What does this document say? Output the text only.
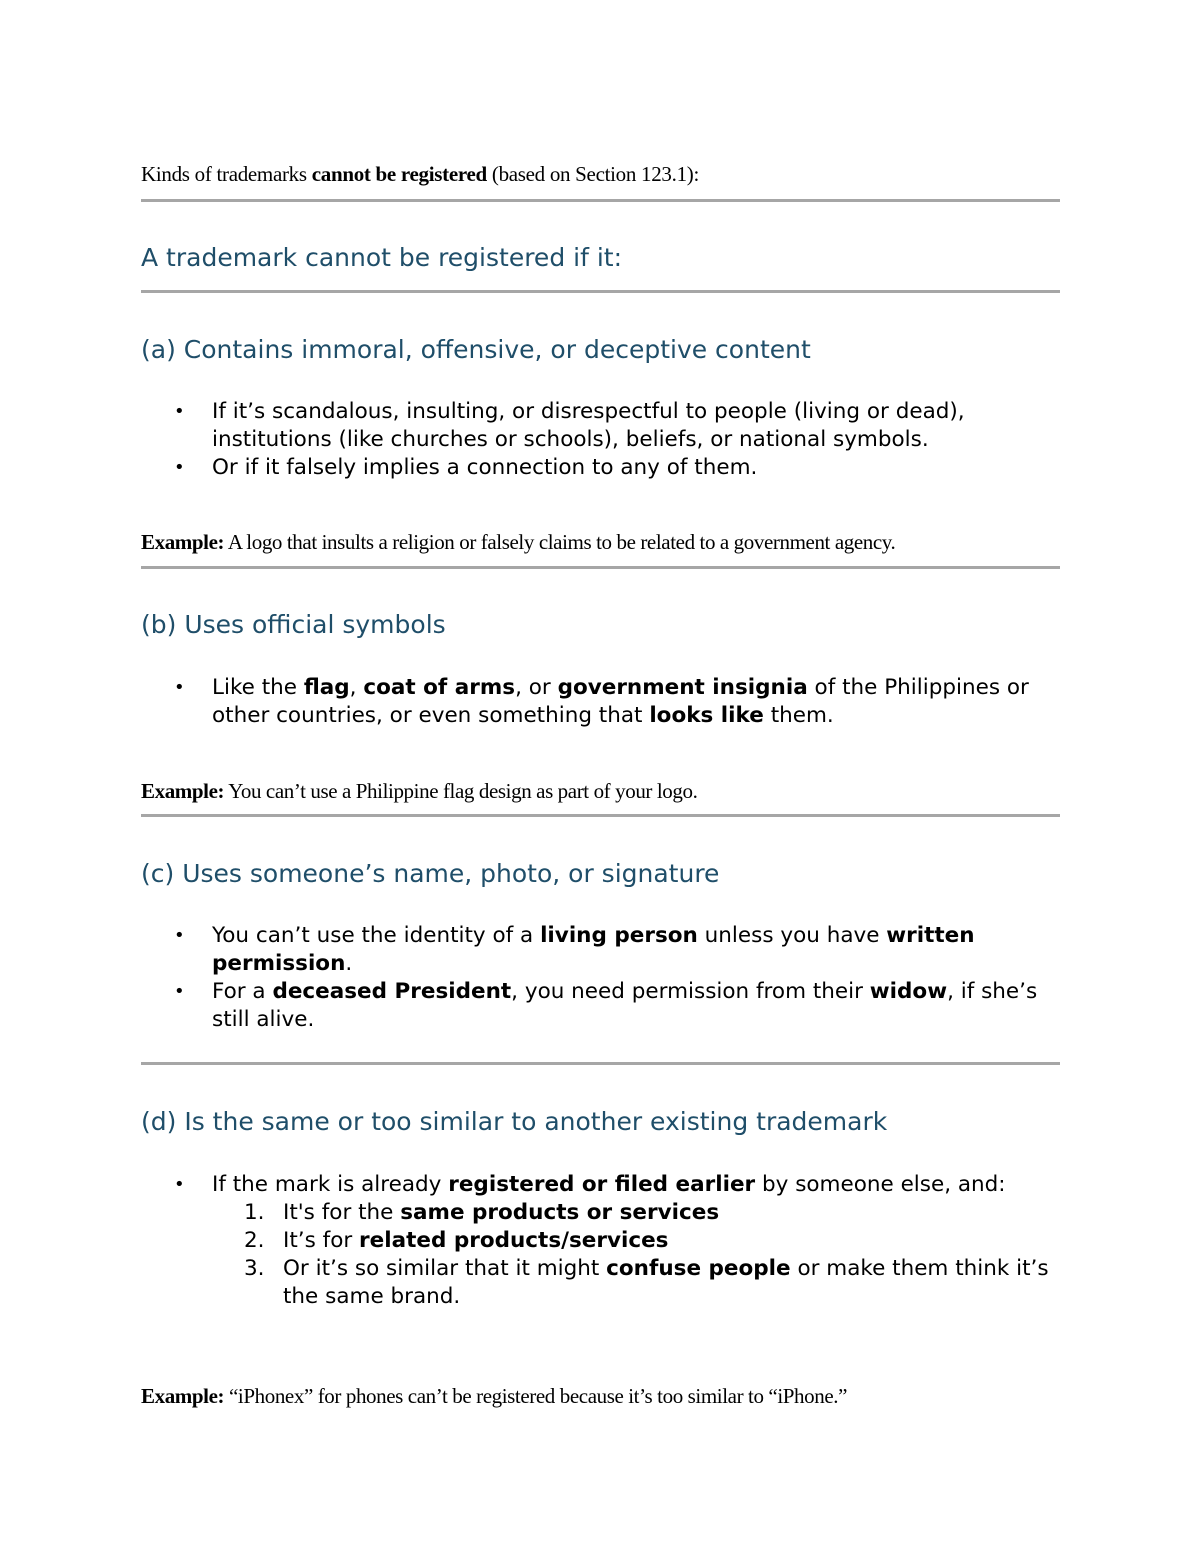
Kinds of trademarks cannot be registered (based on Section 123.1):

A trademark cannot be registered if it:
(a) Contains immoral, offensive, or deceptive content
• If it’s scandalous, insulting, or disrespectful to people (living or dead), institutions (like churches or schools), beliefs, or national symbols.
• Or if it falsely implies a connection to any of them.

Example: A logo that insults a religion or falsely claims to be related to a government agency.

(b) Uses official symbols
• Like the flag, coat of arms, or government insignia of the Philippines or other countries, or even something that looks like them.

Example: You can’t use a Philippine flag design as part of your logo.

(c) Uses someone’s name, photo, or signature
• You can’t use the identity of a living person unless you have written permission.
• For a deceased President, you need permission from their widow, if she’s still alive.
(d) Is the same or too similar to another existing trademark
• If the mark is already registered or filed earlier by someone else, and:
1. It's for the same products or services
2. It’s for related products/services
3. Or it’s so similar that it might confuse people or make them think it’s the same brand.

Example: “iPhonex” for phones can’t be registered because it’s too similar to “iPhone.”
